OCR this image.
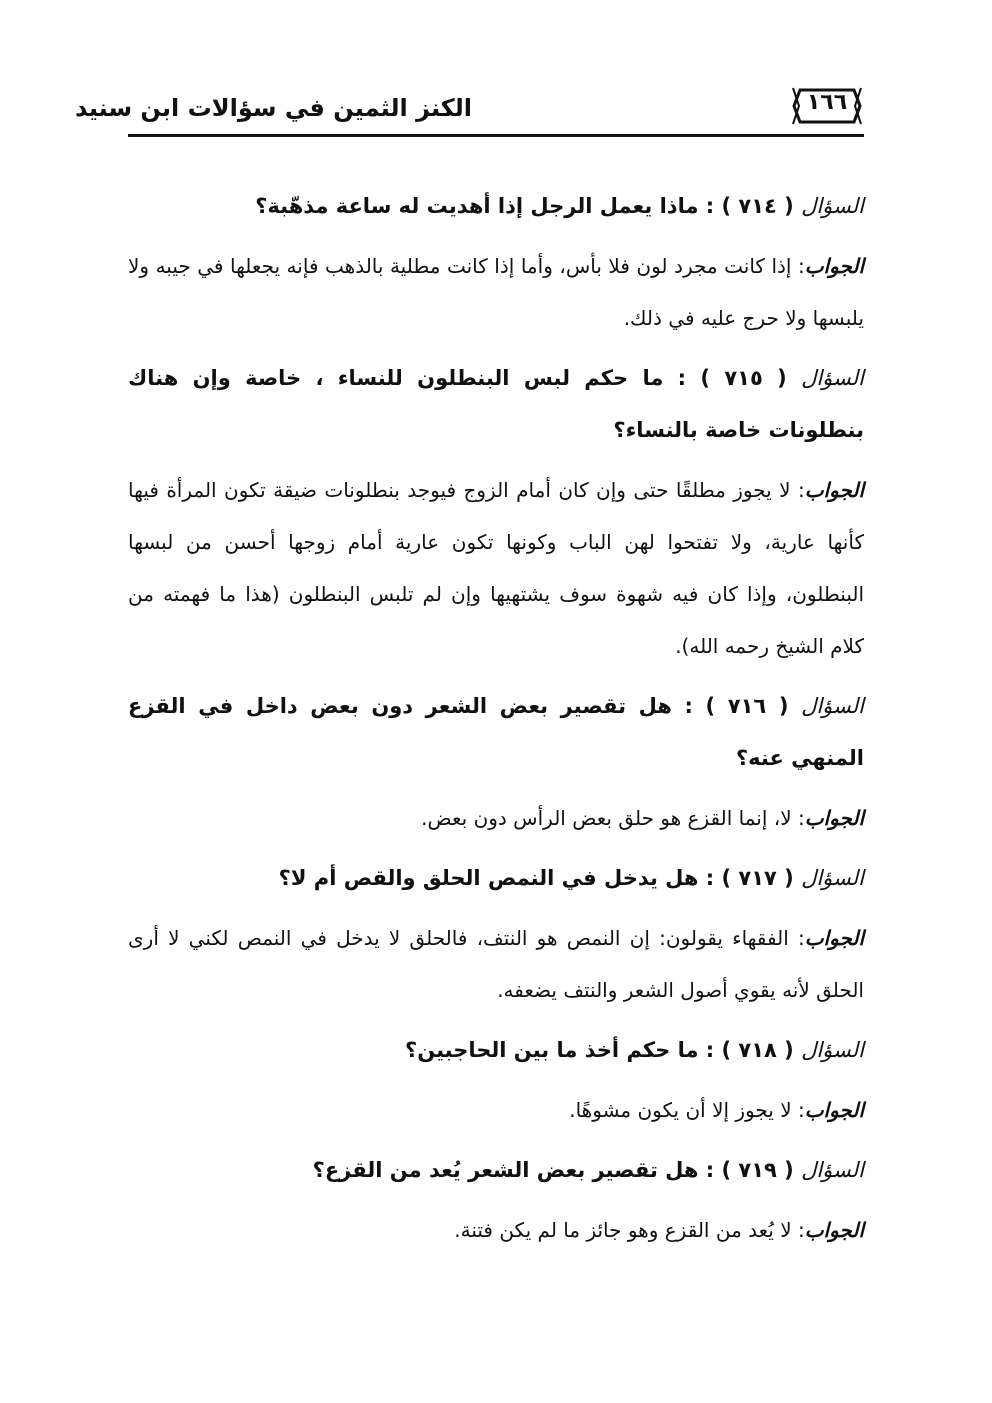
الكنز الثمين في سؤالات ابن سنيد	١٦٦

السؤال ( ٧١٤ ) : ماذا يعمل الرجل إذا أهديت له ساعة مذهّبة؟

الجواب: إذا كانت مجرد لون فلا بأس، وأما إذا كانت مطلية بالذهب فإنه يجعلها في جيبه ولا يلبسها ولا حرج عليه في ذلك.

السؤال ( ٧١٥ ) : ما حكم لبس البنطلون للنساء ، خاصة وإن هناك بنطلونات خاصة بالنساء؟

الجواب: لا يجوز مطلقًا حتى وإن كان أمام الزوج فيوجد بنطلونات ضيقة تكون المرأة فيها كأنها عارية، ولا تفتحوا لهن الباب وكونها تكون عارية أمام زوجها أحسن من لبسها البنطلون، وإذا كان فيه شهوة سوف يشتهيها وإن لم تلبس البنطلون (هذا ما فهمته من كلام الشيخ رحمه الله).

السؤال ( ٧١٦ ) : هل تقصير بعض الشعر دون بعض داخل في القزع المنهي عنه؟

الجواب: لا، إنما القزع هو حلق بعض الرأس دون بعض.

السؤال ( ٧١٧ ) : هل يدخل في النمص الحلق والقص أم لا؟

الجواب: الفقهاء يقولون: إن النمص هو النتف، فالحلق لا يدخل في النمص لكني لا أرى الحلق لأنه يقوي أصول الشعر والنتف يضعفه.

السؤال ( ٧١٨ ) : ما حكم أخذ ما بين الحاجبين؟

الجواب: لا يجوز إلا أن يكون مشوهًا.

السؤال ( ٧١٩ ) : هل تقصير بعض الشعر يُعد من القزع؟

الجواب: لا يُعد من القزع وهو جائز ما لم يكن فتنة.
